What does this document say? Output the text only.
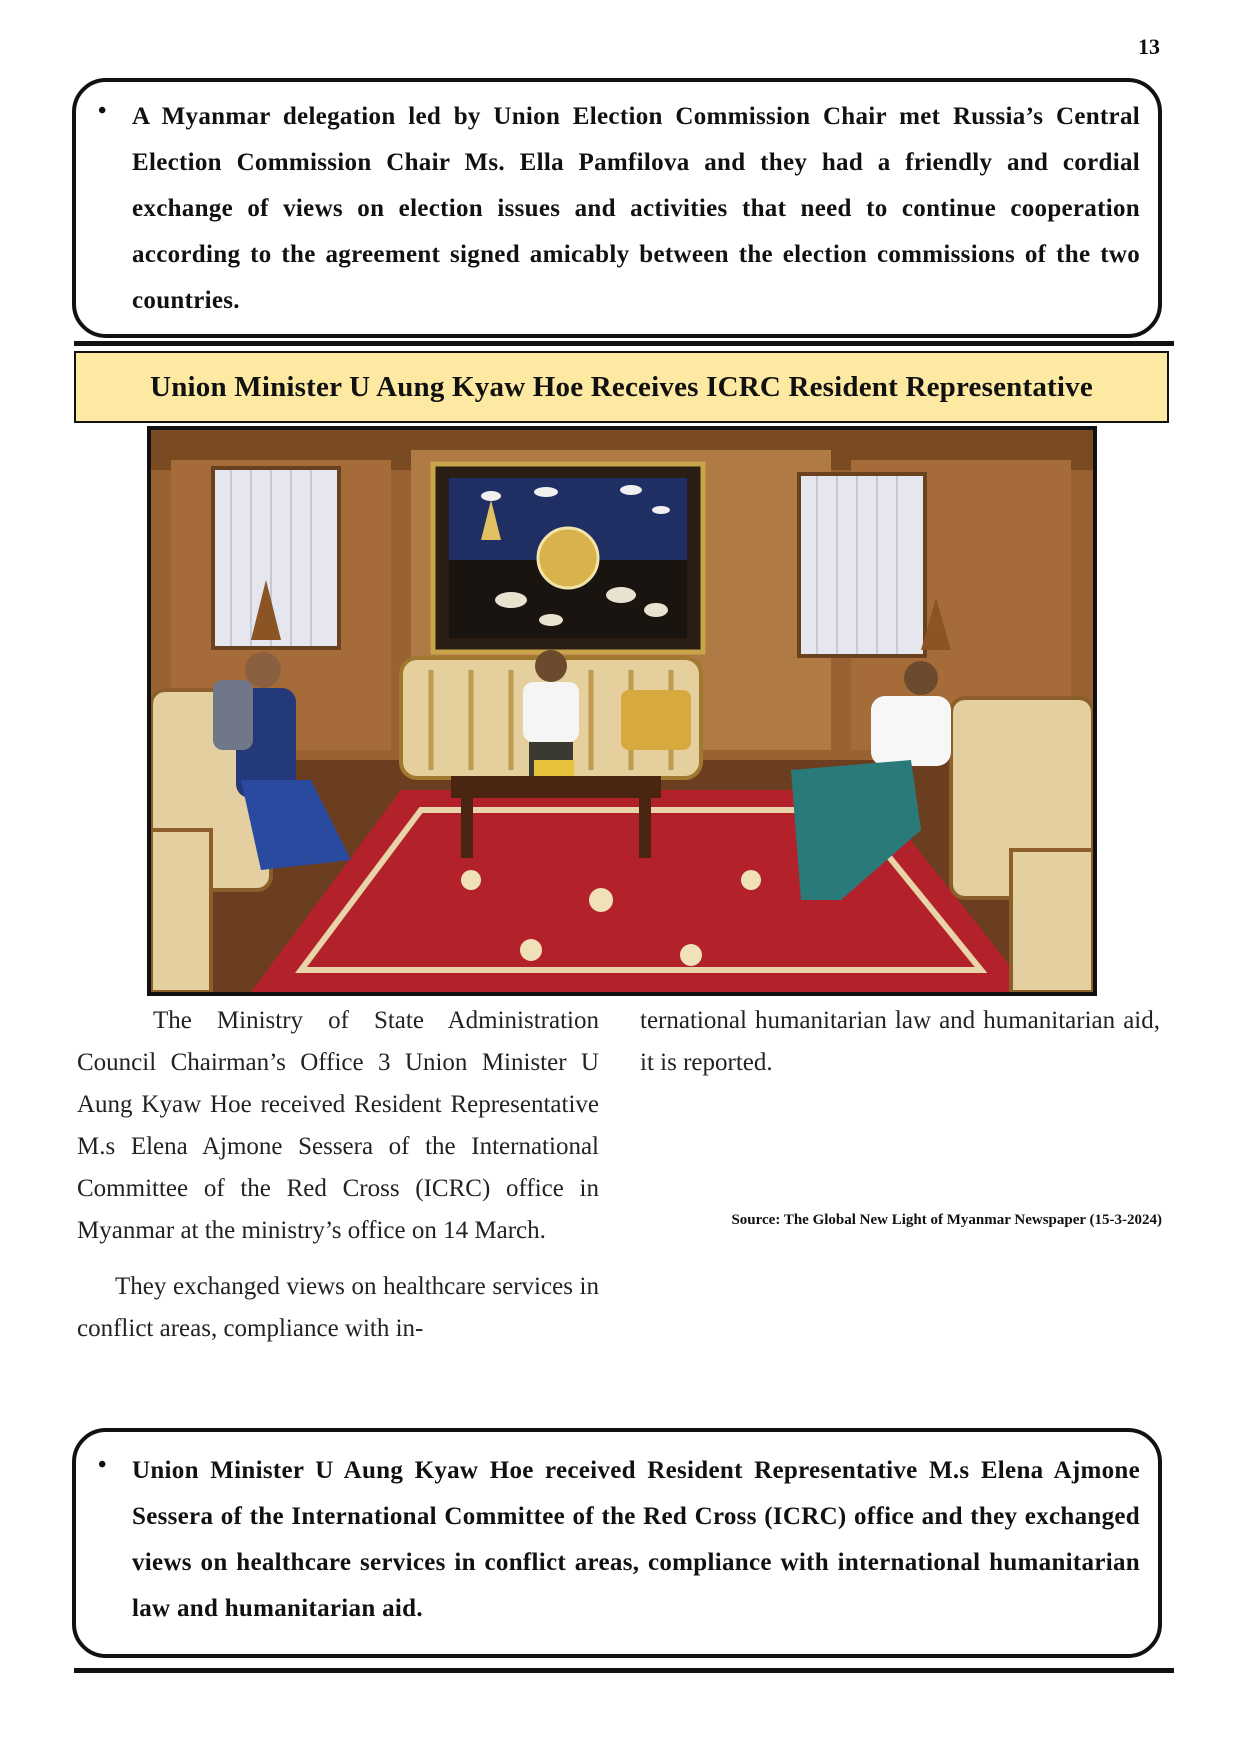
13
• A Myanmar delegation led by Union Election Commission Chair met Russia’s Central Election Commission Chair Ms. Ella Pamfilova and they had a friendly and cordial exchange of views on election issues and activities that need to continue cooperation according to the agreement signed amicably between the election commissions of the two countries.
Union Minister U Aung Kyaw Hoe Receives ICRC Resident Representative

The Ministry of State Administration Council Chairman’s Office 3 Union Minister U Aung Kyaw Hoe received Resident Representative M.s Elena Ajmone Sessera of the International Committee of the Red Cross (ICRC) office in Myanmar at the ministry’s office on 14 March.

They exchanged views on healthcare services in conflict areas, compliance with in-

ternational humanitarian law and humanitarian aid, it is reported.

Source: The Global New Light of Myanmar Newspaper (15-3-2024)
• Union Minister U Aung Kyaw Hoe received Resident Representative M.s Elena Ajmone Sessera of the International Committee of the Red Cross (ICRC) office and they exchanged views on healthcare services in conflict areas, compliance with international humanitarian law and humanitarian aid.
